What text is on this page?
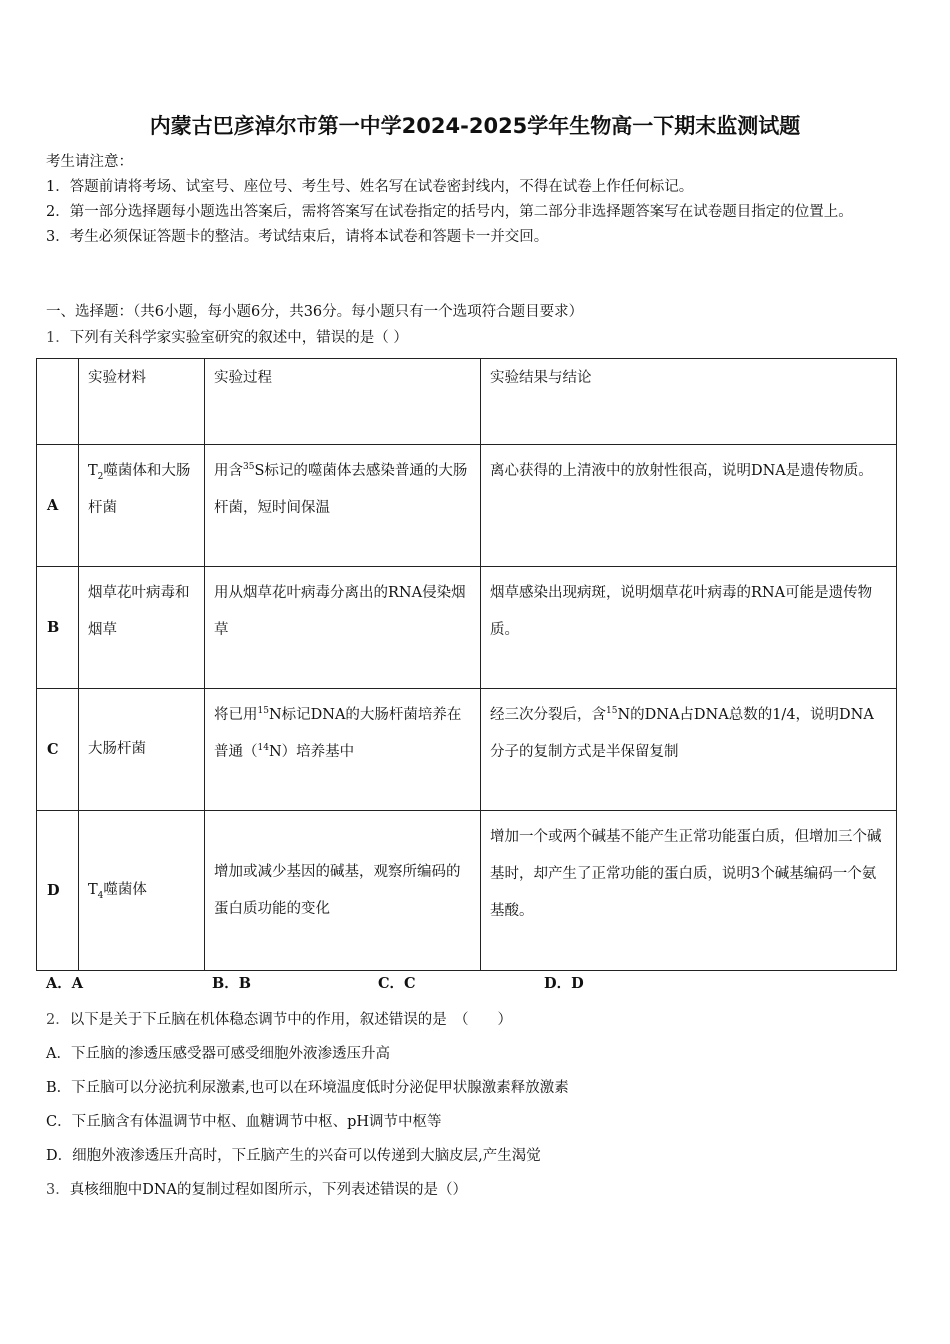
内蒙古巴彦淖尔市第一中学2024-2025学年生物高一下期末监测试题
考生请注意：
1．答题前请将考场、试室号、座位号、考生号、姓名写在试卷密封线内，不得在试卷上作任何标记。
2．第一部分选择题每小题选出答案后，需将答案写在试卷指定的括号内，第二部分非选择题答案写在试卷题目指定的位置上。
3．考生必须保证答题卡的整洁。考试结束后，请将本试卷和答题卡一并交回。
一、选择题：（共6小题，每小题6分，共36分。每小题只有一个选项符合题目要求）
1．下列有关科学家实验室研究的叙述中，错误的是（ ）
	实验材料	实验过程	实验结果与结论
A	$T_2$噬菌体和大肠杆菌	用含$^{35}$S标记的噬菌体去感染普通的大肠杆菌，短时间保温	离心获得的上清液中的放射性很高，说明DNA是遗传物质。
B	烟草花叶病毒和烟草	用从烟草花叶病毒分离出的RNA侵染烟草	烟草感染出现病斑，说明烟草花叶病毒的RNA可能是遗传物质。
C	大肠杆菌	将已用$^{15}$N标记DNA的大肠杆菌培养在普通（$^{14}$N）培养基中	经三次分裂后，含$^{15}$N的DNA占DNA总数的1/4，说明DNA分子的复制方式是半保留复制
D	$T_4$噬菌体	增加或减少基因的碱基，观察所编码的蛋白质功能的变化	增加一个或两个碱基不能产生正常功能蛋白质，但增加三个碱基时，却产生了正常功能的蛋白质，说明3个碱基编码一个氨基酸。
A．A	B．B	C．C	D．D
2．以下是关于下丘脑在机体稳态调节中的作用，叙述错误的是　（　　）
A．下丘脑的渗透压感受器可感受细胞外液渗透压升高
B．下丘脑可以分泌抗利尿激素,也可以在环境温度低时分泌促甲状腺激素释放激素
C．下丘脑含有体温调节中枢、血糖调节中枢、pH调节中枢等
D．细胞外液渗透压升高时，下丘脑产生的兴奋可以传递到大脑皮层,产生渴觉
3．真核细胞中DNA的复制过程如图所示，下列表述错误的是（）
